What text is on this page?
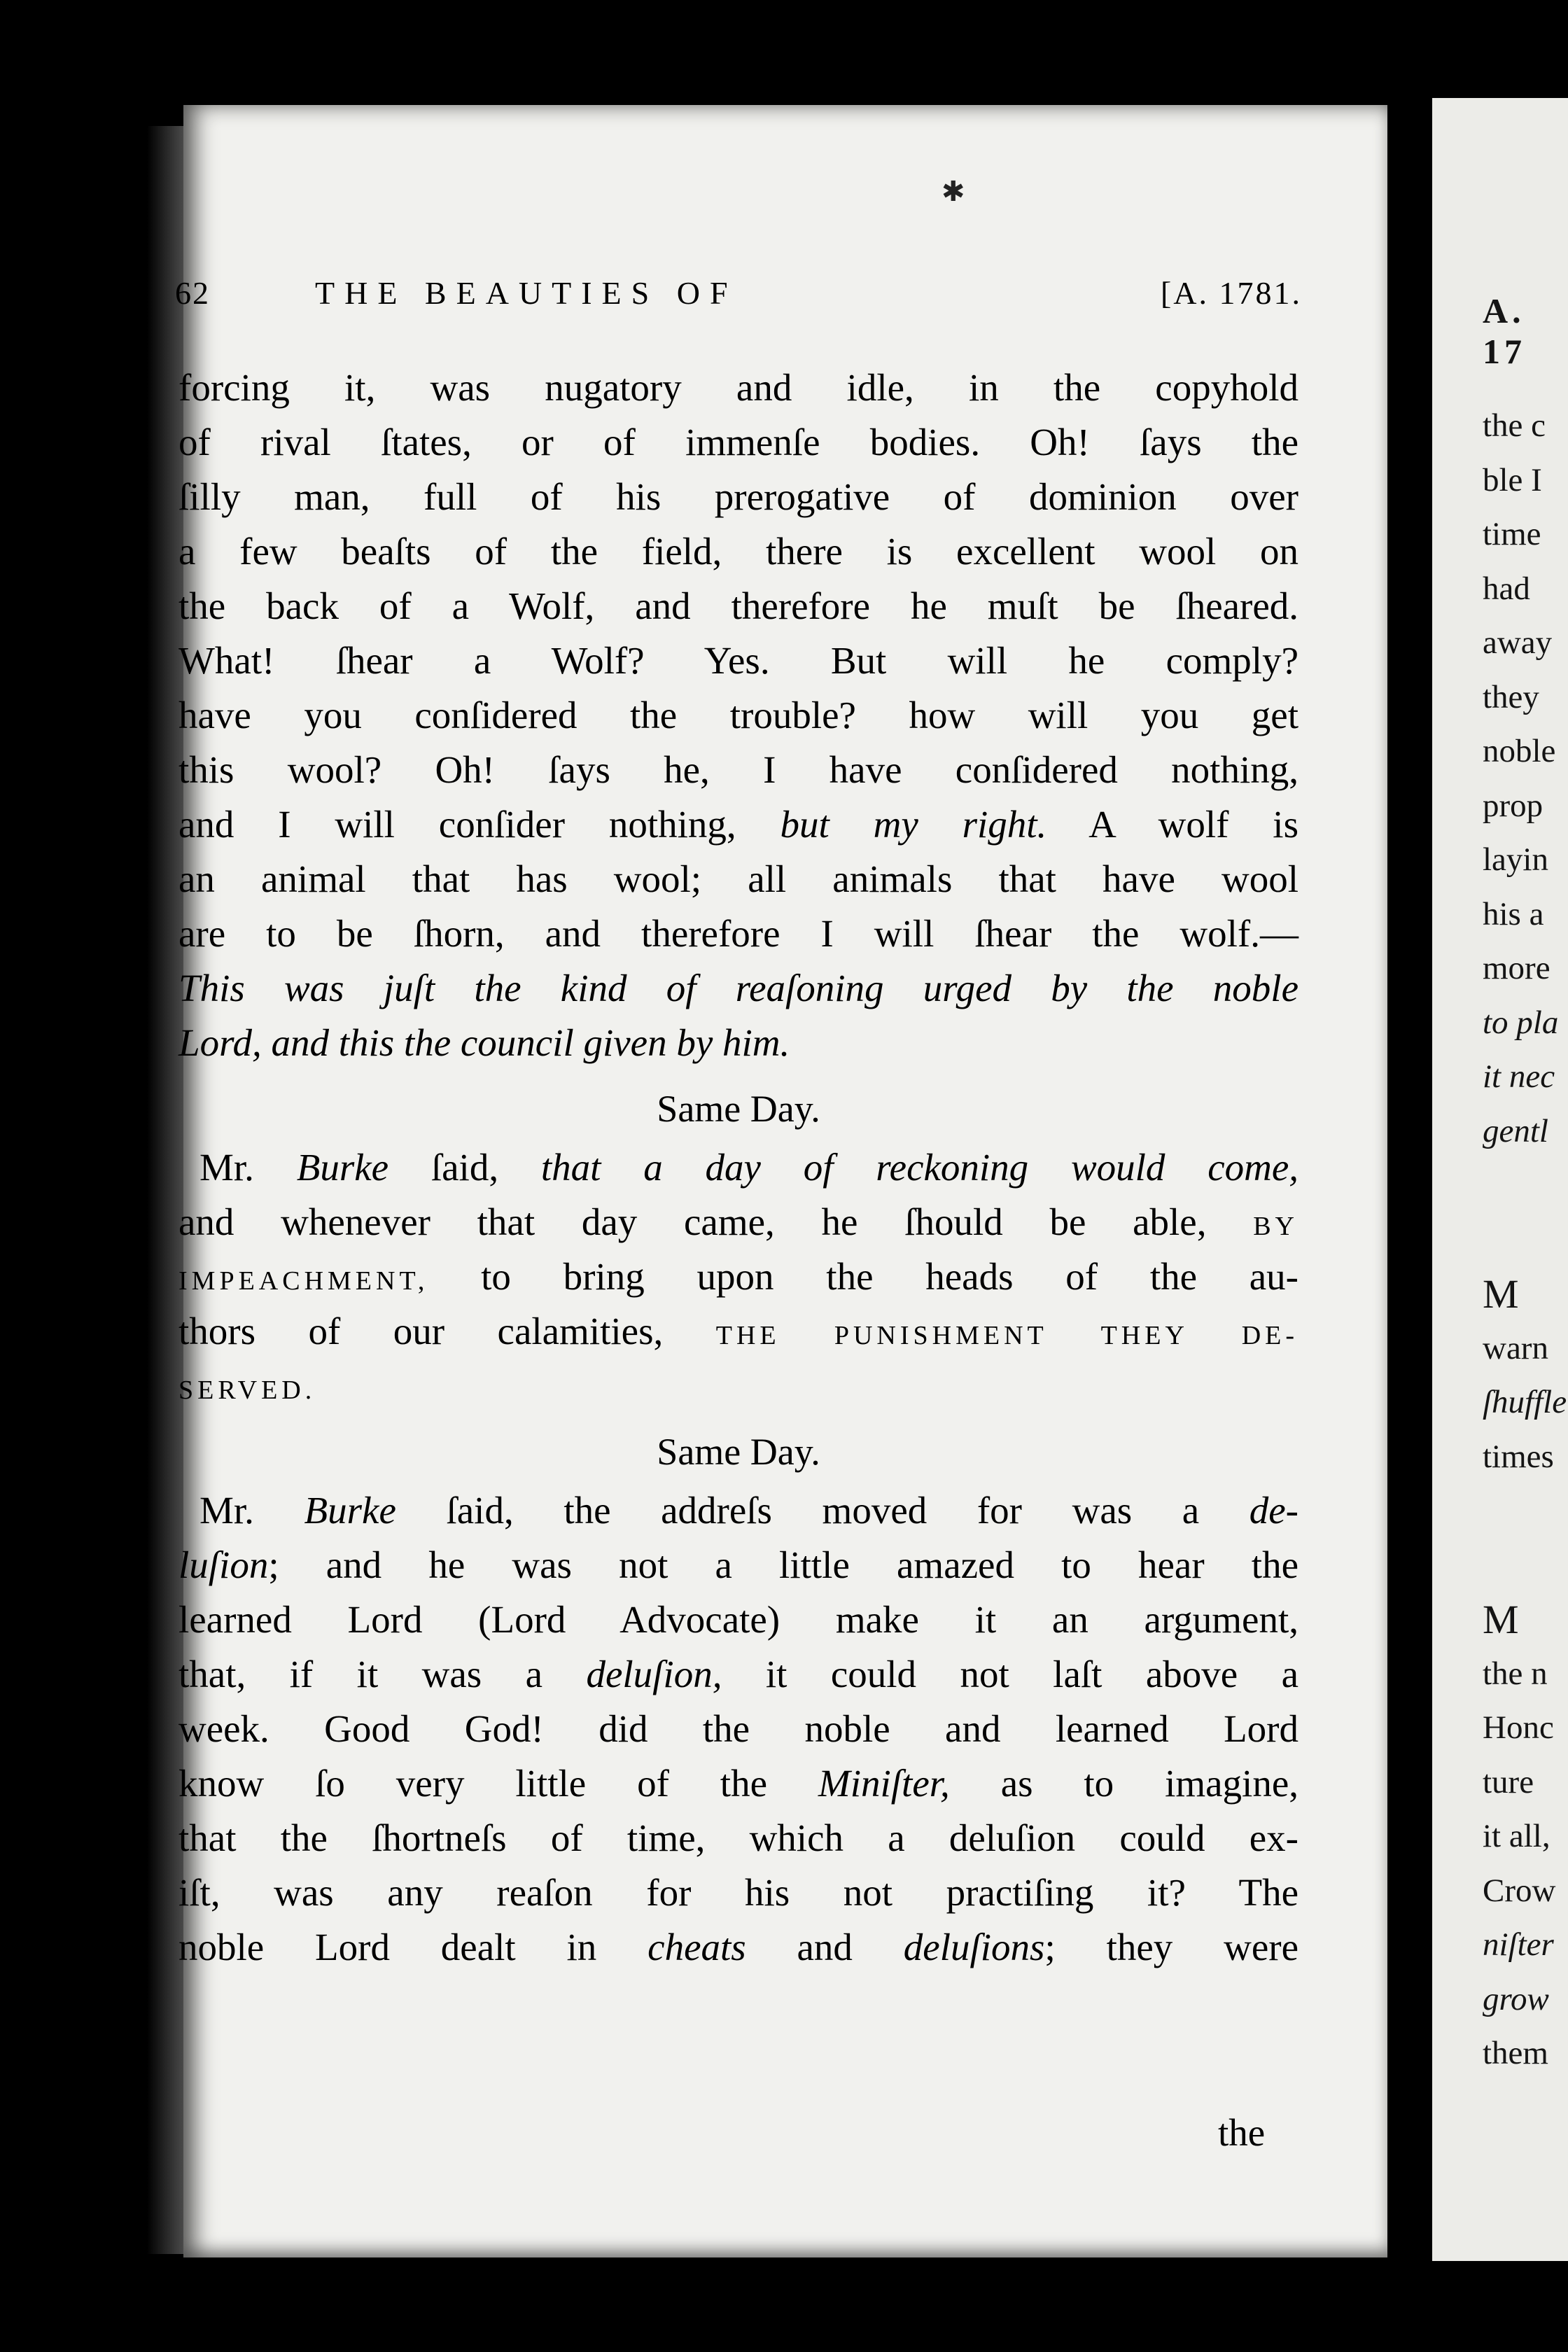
A. 17
the c
ble I
time
had
away
they
noble
prop
layin
his a
more
to pla
it nec
gentl
M
warn
ſhuffle
times
M
the n
Honc
ture
it all,
Crow
niſter
grow
them
✱
62	THE BEAUTIES OF	[A. 1781.
forcing it, was nugatory and idle, in the copyhold
of rival ſtates, or of immenſe bodies. Oh! ſays the
ſilly man, full of his prerogative of dominion over
a few beaſts of the field, there is excellent wool on
the back of a Wolf, and therefore he muſt be ſheared.
What! ſhear a Wolf? Yes. But will he comply?
have you conſidered the trouble? how will you get
this wool? Oh! ſays he, I have conſidered nothing,
and I will conſider nothing, but my right. A wolf is
an animal that has wool; all animals that have wool
are to be ſhorn, and therefore I will ſhear the wolf.—
This was juſt the kind of reaſoning urged by the noble
Lord, and this the council given by him.
Same Day.
Mr. Burke ſaid, that a day of reckoning would come,
and whenever that day came, he ſhould be able, BY
IMPEACHMENT, to bring upon the heads of the au-
thors of our calamities, THE PUNISHMENT THEY DE-
SERVED.
Same Day.
Mr. Burke ſaid, the addreſs moved for was a de-
luſion; and he was not a little amazed to hear the
learned Lord (Lord Advocate) make it an argument,
that, if it was a deluſion, it could not laſt above a
week. Good God! did the noble and learned Lord
know ſo very little of the Miniſter, as to imagine,
that the ſhortneſs of time, which a deluſion could ex-
iſt, was any reaſon for his not practiſing it? The
noble Lord dealt in cheats and deluſions; they were
the
